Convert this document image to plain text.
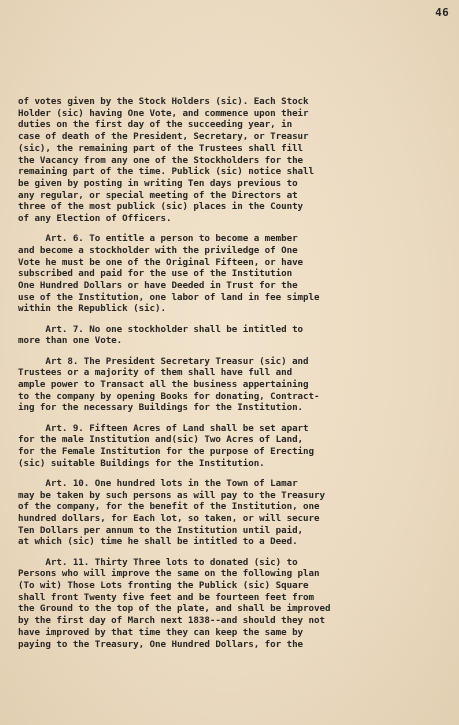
46
of votes given by the Stock Holders (sic). Each Stock
Holder (sic) having One Vote, and commence upon their
duties on the first day of the succeeding year, in
case of death of the President, Secretary, or Treasur
(sic), the remaining part of the Trustees shall fill
the Vacancy from any one of the Stockholders for the
remaining part of the time. Publick (sic) notice shall
be given by posting in writing Ten days previous to
any regular, or special meeting of the Directors at
three of the most publick (sic) places in the County
of any Election of Officers.
Art. 6. To entitle a person to become a member
and become a stockholder with the priviledge of One
Vote he must be one of the Original Fifteen, or have
subscribed and paid for the use of the Institution
One Hundred Dollars or have Deeded in Trust for the
use of the Institution, one labor of land in fee simple
within the Republick (sic).
Art. 7. No one stockholder shall be intitled to
more than one Vote.
Art 8. The President Secretary Treasur (sic) and
Trustees or a majority of them shall have full and
ample power to Transact all the business appertaining
to the company by opening Books for donating, Contract-
ing for the necessary Buildings for the Institution.
Art. 9. Fifteen Acres of Land shall be set apart
for the male Institution and(sic) Two Acres of Land,
for the Female Institution for the purpose of Erecting
(sic) suitable Buildings for the Institution.
Art. 10. One hundred lots in the Town of Lamar
may be taken by such persons as will pay to the Treasury
of the company, for the benefit of the Institution, one
hundred dollars, for Each lot, so taken, or will secure
Ten Dollars per annum to the Institution until paid,
at which (sic) time he shall be intitled to a Deed.
Art. 11. Thirty Three lots to donated (sic) to
Persons who will improve the same on the following plan
(To wit) Those Lots fronting the Publick (sic) Square
shall front Twenty five feet and be fourteen feet from
the Ground to the top of the plate, and shall be improved
by the first day of March next 1838--and should they not
have improved by that time they can keep the same by
paying to the Treasury, One Hundred Dollars, for the
